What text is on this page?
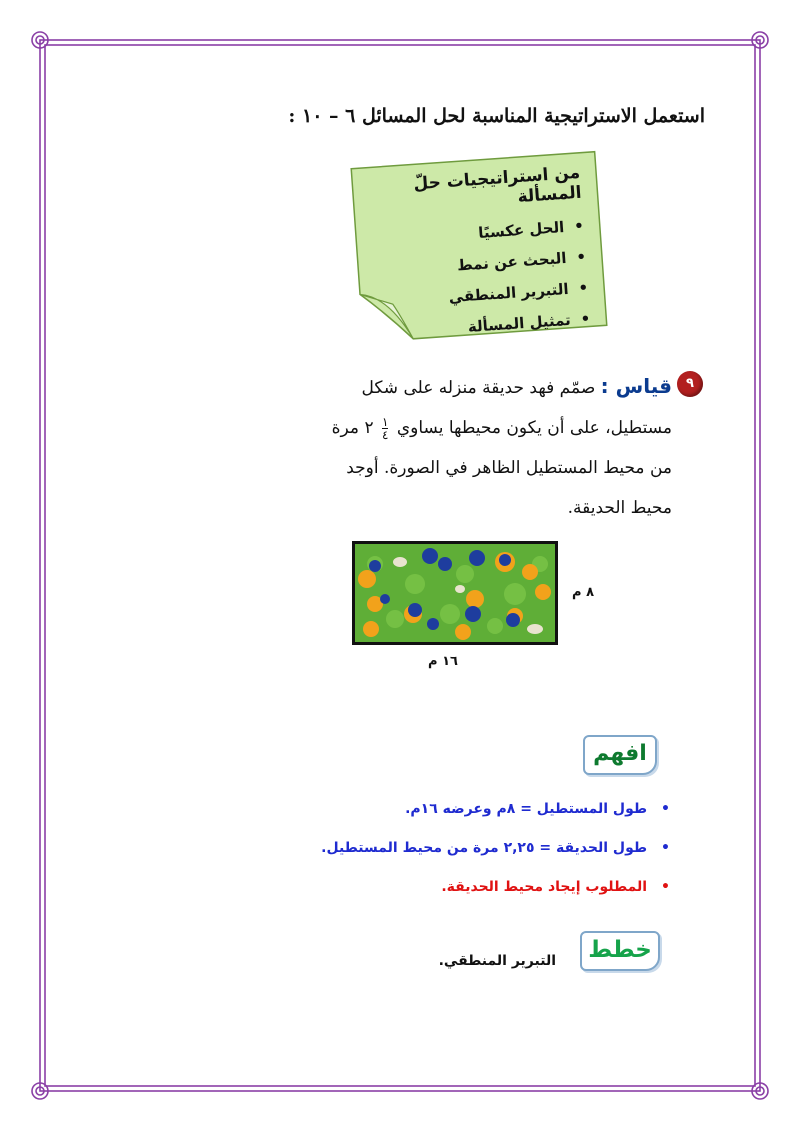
استعمل الاستراتيجية المناسبة لحل المسائل ٦ – ١٠ :
من استراتيجيات حلّ المسألة
• الحل عكسيًا
• البحث عن نمط
• التبرير المنطقي
• تمثيل المسألة
٩
قياس : صمّم فهد حديقة منزله على شكل
مستطيل، على أن يكون محيطها يساوي
$\frac{١}{٤}$
٢ مرة
من محيط المستطيل الظاهر في الصورة. أوجد
محيط الحديقة.
٨ م
١٦ م
افهم
• طول المستطيل = ٨م وعرضه ١٦م.
• طول الحديقة = ٢,٢٥ مرة من محيط المستطيل.
• المطلوب إيجاد محيط الحديقة.
خطط
التبرير المنطقي.
